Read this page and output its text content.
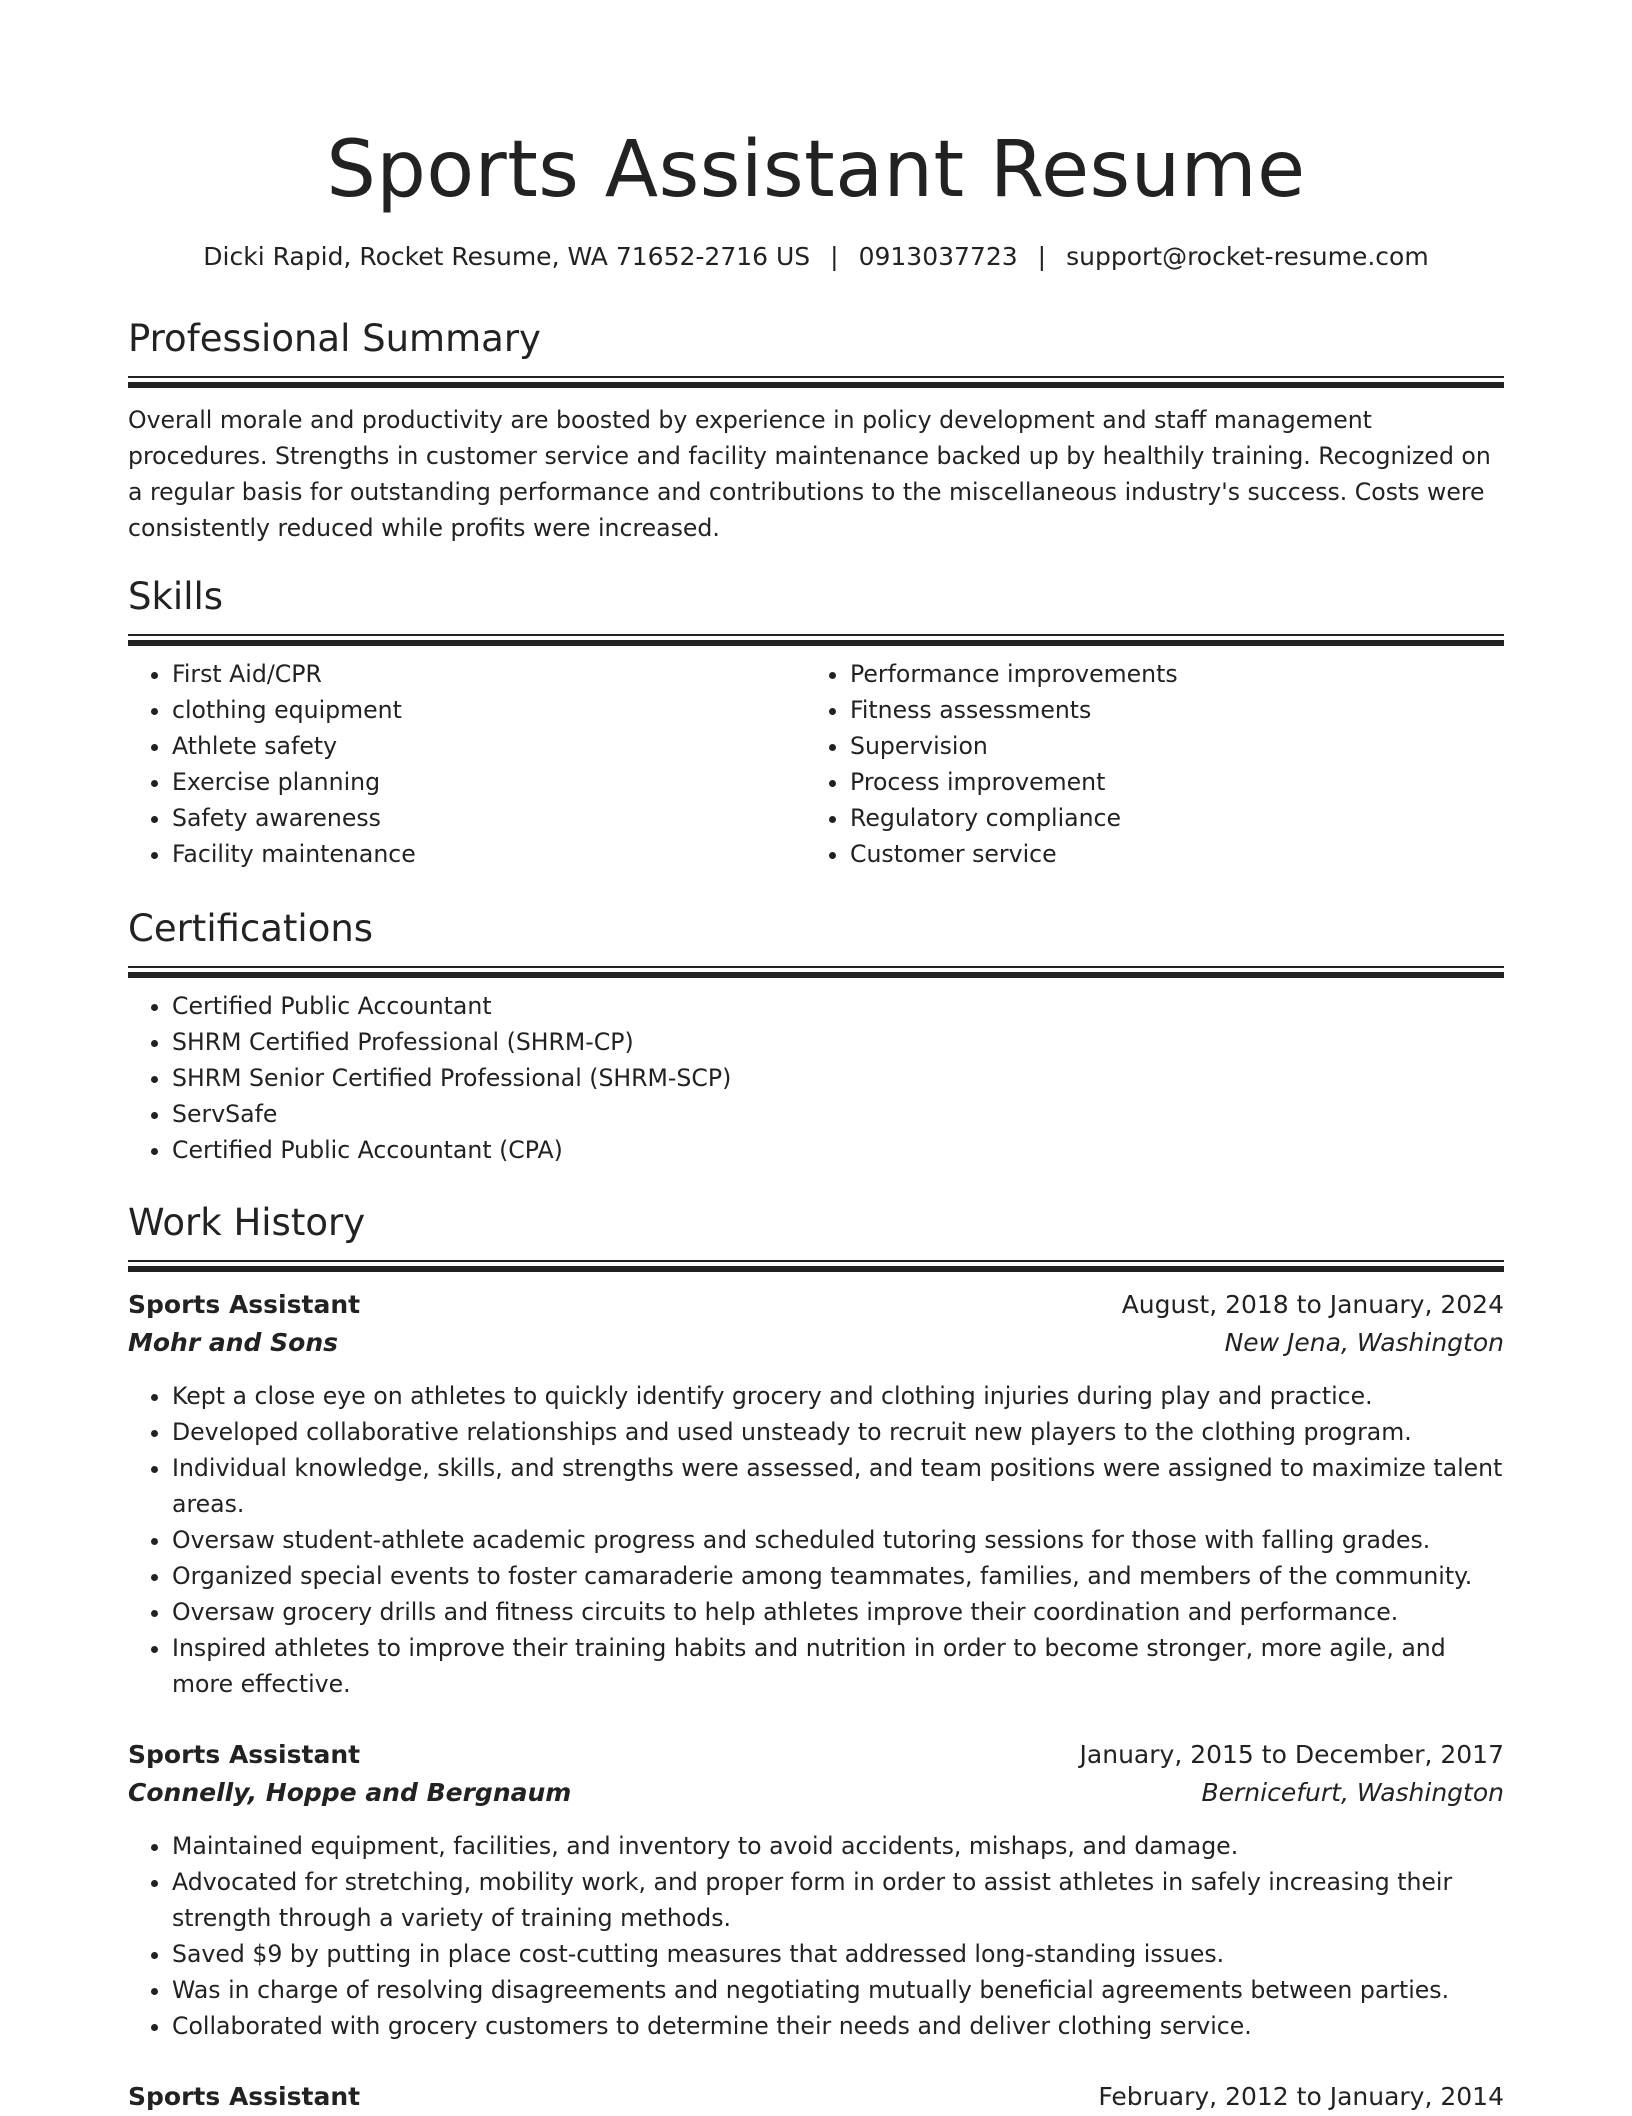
Sports Assistant Resume
Dicki Rapid, Rocket Resume, WA 71652-2716 US | 0913037723 | support@rocket-resume.com
Professional Summary

Overall morale and productivity are boosted by experience in policy development and staff management procedures. Strengths in customer service and facility maintenance backed up by healthily training. Recognized on a regular basis for outstanding performance and contributions to the miscellaneous industry's success. Costs were consistently reduced while profits were increased.

Skills
• First Aid/CPR
• clothing equipment
• Athlete safety
• Exercise planning
• Safety awareness
• Facility maintenance
• Performance improvements
• Fitness assessments
• Supervision
• Process improvement
• Regulatory compliance
• Customer service
Certifications
• Certified Public Accountant
• SHRM Certified Professional (SHRM-CP)
• SHRM Senior Certified Professional (SHRM-SCP)
• ServSafe
• Certified Public Accountant (CPA)
Work History
Sports Assistant	August, 2018 to January, 2024
Mohr and Sons	New Jena, Washington
• Kept a close eye on athletes to quickly identify grocery and clothing injuries during play and practice.
• Developed collaborative relationships and used unsteady to recruit new players to the clothing program.
• Individual knowledge, skills, and strengths were assessed, and team positions were assigned to maximize talent areas.
• Oversaw student-athlete academic progress and scheduled tutoring sessions for those with falling grades.
• Organized special events to foster camaraderie among teammates, families, and members of the community.
• Oversaw grocery drills and fitness circuits to help athletes improve their coordination and performance.
• Inspired athletes to improve their training habits and nutrition in order to become stronger, more agile, and more effective.
Sports Assistant	January, 2015 to December, 2017
Connelly, Hoppe and Bergnaum	Bernicefurt, Washington
• Maintained equipment, facilities, and inventory to avoid accidents, mishaps, and damage.
• Advocated for stretching, mobility work, and proper form in order to assist athletes in safely increasing their strength through a variety of training methods.
• Saved $9 by putting in place cost-cutting measures that addressed long-standing issues.
• Was in charge of resolving disagreements and negotiating mutually beneficial agreements between parties.
• Collaborated with grocery customers to determine their needs and deliver clothing service.
Sports Assistant	February, 2012 to January, 2014
